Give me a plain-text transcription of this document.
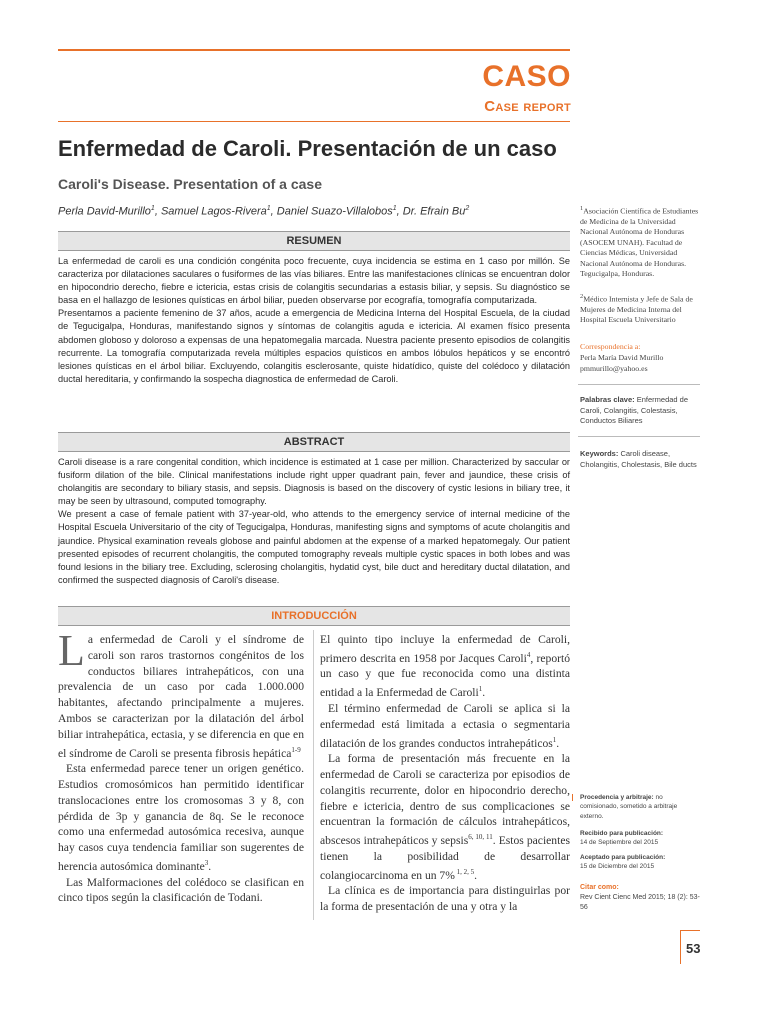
CASO
Case report
Enfermedad de Caroli. Presentación de un caso
Caroli's Disease. Presentation of a case
Perla David-Murillo$^1$, Samuel Lagos-Rivera$^1$, Daniel Suazo-Villalobos$^1$, Dr. Efrain Bu$^2$
RESUMEN

La enfermedad de caroli es una condición congénita poco frecuente, cuya incidencia se estima en 1 caso por millón. Se caracteriza por dilataciones saculares o fusiformes de las vías biliares. Entre las manifestaciones clínicas se encuentran dolor en hipocondrio derecho, fiebre e ictericia, estas crisis de colangitis secundarias a estasis biliar, y sepsis. Su diagnóstico se basa en el hallazgo de lesiones quísticas en árbol biliar, pueden observarse por ecografía, tomografía computarizada.

Presentamos a paciente femenino de 37 años, acude a emergencia de Medicina Interna del Hospital Escuela, de la ciudad de Tegucigalpa, Honduras, manifestando signos y síntomas de colangitis aguda e ictericia. Al examen físico presenta abdomen globoso y doloroso a expensas de una hepatomegalia marcada. Nuestra paciente presento episodios de colangitis recurrente. La tomografía computarizada revela múltiples espacios quísticos en ambos lóbulos hepáticos y se encontró lesiones quísticas en el árbol biliar. Excluyendo, colangitis esclerosante, quiste hidatídico, quiste del colédoco y dilatación ductal hereditaria, y confirmando la sospecha diagnostica de enfermedad de Caroli.

ABSTRACT

Caroli disease is a rare congenital condition, which incidence is estimated at 1 case per million. Characterized by saccular or fusiform dilation of the bile. Clinical manifestations include right upper quadrant pain, fever and jaundice, these crisis of cholangitis are secondary to biliary stasis, and sepsis. Diagnosis is based on the discovery of cystic lesions in biliary tree, it may be seen by ultrasound, computed tomography.

We present a case of female patient with 37-year-old, who attends to the emergency service of internal medicine of the Hospital Escuela Universitario of the city of Tegucigalpa, Honduras, manifesting signs and symptoms of acute cholangitis and jaundice. Physical examination reveals globose and painful abdomen at the expense of a marked hepatomegaly. Our patient presented episodes of recurrent cholangitis, the computed tomography reveals multiple cystic spaces in both lobes and was found lesions in the biliary tree. Excluding, sclerosing cholangitis, hydatid cyst, bile duct and hereditary ductal dilatation, and confirmed the suspected diagnosis of Caroli's disease.

INTRODUCCIÓN

La enfermedad de Caroli y el síndrome de caroli son raros trastornos congénitos de los conductos biliares intrahepáticos, con una prevalencia de un caso por cada 1.000.000 habitantes, afectando principalmente a mujeres. Ambos se caracterizan por la dilatación del árbol biliar intrahepática, ectasia, y se diferencia en que en el síndrome de Caroli se presenta fibrosis hepática$^{1-9}$

Esta enfermedad parece tener un origen genético. Estudios cromosómicos han permitido identificar translocaciones entre los cromosomas 3 y 8, con pérdida de 3p y ganancia de 8q. Se le reconoce como una enfermedad autosómica recesiva, aunque hay casos cuya tendencia familiar son sugerentes de herencia autosómica dominante$^3$.

Las Malformaciones del colédoco se clasifican en cinco tipos según la clasificación de Todani.

El quinto tipo incluye la enfermedad de Caroli, primero descrita en 1958 por Jacques Caroli$^4$, reportó un caso y que fue reconocida como una distinta entidad a la Enfermedad de Caroli$^1$.

El término enfermedad de Caroli se aplica si la enfermedad está limitada a ectasia o segmentaria dilatación de los grandes conductos intrahepáticos$^1$.

La forma de presentación más frecuente en la enfermedad de Caroli se caracteriza por episodios de colangitis recurrente, dolor en hipocondrio derecho, fiebre e ictericia, dentro de sus complicaciones se encuentran la formación de cálculos intrahepáticos, abscesos intrahepáticos y sepsis$^{6, 10, 11}$. Estos pacientes tienen la posibilidad de desarrollar colangiocarcinoma en un 7% $^{1, 2, 5}$.

La clínica es de importancia para distinguirlas por la forma de presentación de una y otra y la

$^1$Asociación Científica de Estudiantes de Medicina de la Universidad Nacional Autónoma de Honduras (ASOCEM UNAH). Facultad de Ciencias Médicas, Universidad Nacional Autónoma de Honduras. Tegucigalpa, Honduras.
$^2$Médico Internista y Jefe de Sala de Mujeres de Medicina Interna del Hospital Escuela Universitario
Correspondencia a:
Perla María David Murillo
pmmurillo@yahoo.es
Palabras clave: Enfermedad de Caroli, Colangitis, Colestasis, Conductos Biliares
Keywords: Caroli disease, Cholangitis, Cholestasis, Bile ducts
Procedencia y arbitraje: no comisionado, sometido a arbitraje externo.
Recibido para publicación:
14 de Septiembre del 2015
Aceptado para publicación:
15 de Diciembre del 2015
Citar como:
Rev Cient Cienc Med 2015; 18 (2): 53-56
53
